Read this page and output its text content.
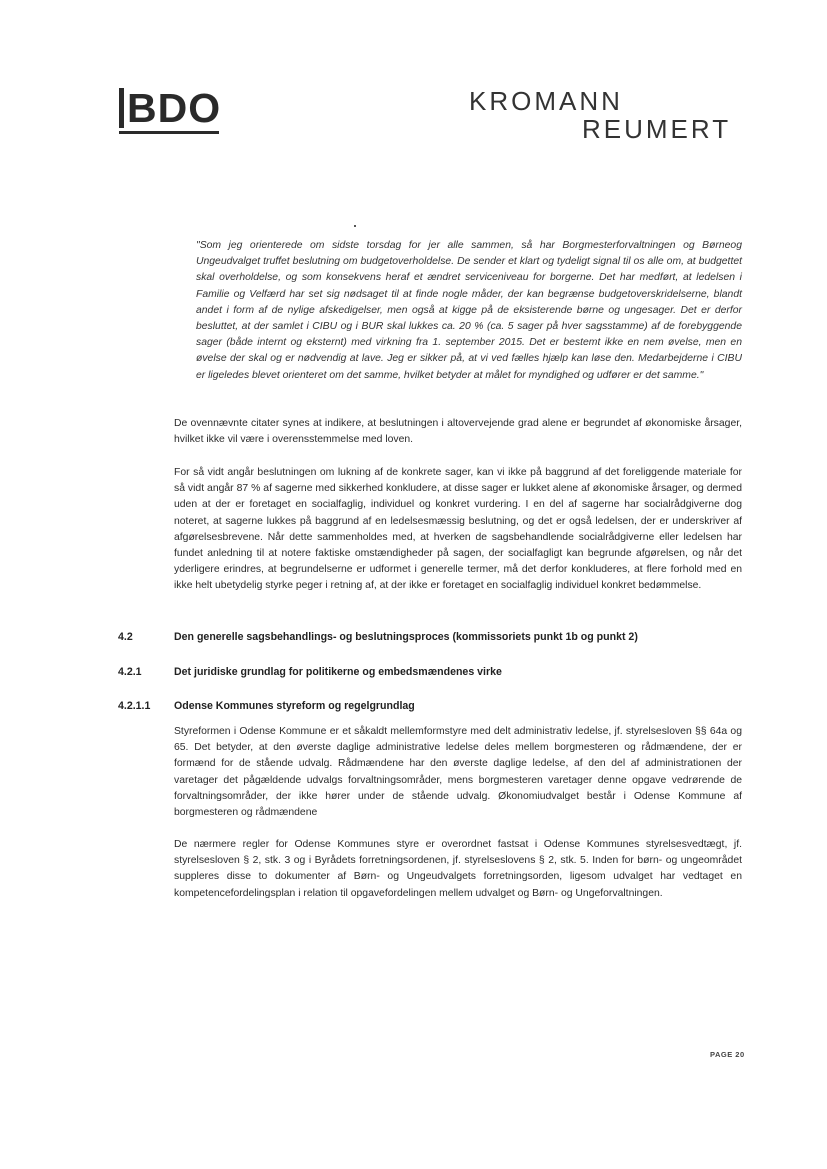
BDO	KROMANN
REUMERT

"Som jeg orienterede om sidste torsdag for jer alle sammen, så har Borgmesterforvaltningen og Børneog Ungeudvalget truffet beslutning om budgetoverholdelse. De sender et klart og tydeligt signal til os alle om, at budgettet skal overholdelse, og som konsekvens heraf et ændret serviceniveau for borgerne. Det har medført, at ledelsen i Familie og Velfærd har set sig nødsaget til at finde nogle måder, der kan begrænse budgetoverskridelserne, blandt andet i form af de nylige afskedigelser, men også at kigge på de eksisterende børne og ungesager. Det er derfor besluttet, at der samlet i CIBU og i BUR skal lukkes ca. 20 % (ca. 5 sager på hver sagsstamme) af de forebyggende sager (både internt og eksternt) med virkning fra 1. september 2015. Det er bestemt ikke en nem øvelse, men en øvelse der skal og er nødvendig at lave. Jeg er sikker på, at vi ved fælles hjælp kan løse den. Medarbejderne i CIBU er ligeledes blevet orienteret om det samme, hvilket betyder at målet for myndighed og udfører er det samme."

De ovennævnte citater synes at indikere, at beslutningen i altovervejende grad alene er begrundet af økonomiske årsager, hvilket ikke vil være i overensstemmelse med loven.

For så vidt angår beslutningen om lukning af de konkrete sager, kan vi ikke på baggrund af det foreliggende materiale for så vidt angår 87 % af sagerne med sikkerhed konkludere, at disse sager er lukket alene af økonomiske årsager, og dermed uden at der er foretaget en socialfaglig, individuel og konkret vurdering. I en del af sagerne har socialrådgiverne dog noteret, at sagerne lukkes på baggrund af en ledelsesmæssig beslutning, og det er også ledelsen, der er underskriver af afgørelsesbrevene. Når dette sammenholdes med, at hverken de sagsbehandlende socialrådgiverne eller ledelsen har fundet anledning til at notere faktiske omstændigheder på sagen, der socialfagligt kan begrunde afgørelsen, og når det yderligere erindres, at begrundelserne er udformet i generelle termer, må det derfor konkluderes, at flere forhold med en ikke helt ubetydelig styrke peger i retning af, at der ikke er foretaget en socialfaglig individuel konkret bedømmelse.

4.2	Den generelle sagsbehandlings- og beslutningsproces (kommissoriets punkt 1b og punkt 2)

4.2.1	Det juridiske grundlag for politikerne og embedsmændenes virke

4.2.1.1 Odense Kommunes styreform og regelgrundlag

Styreformen i Odense Kommune er et såkaldt mellemformstyre med delt administrativ ledelse, jf. styrelsesloven §§ 64a og 65. Det betyder, at den øverste daglige administrative ledelse deles mellem borgmesteren og rådmændene, der er formænd for de stående udvalg. Rådmændene har den øverste daglige ledelse, af den del af administrationen der varetager det pågældende udvalgs forvaltningsområder, mens borgmesteren varetager denne opgave vedrørende de forvaltningsområder, der ikke hører under de stående udvalg. Økonomiudvalget består i Odense Kommune af borgmesteren og rådmændene

De nærmere regler for Odense Kommunes styre er overordnet fastsat i Odense Kommunes styrelsesvedtægt, jf. styrelsesloven § 2, stk. 3 og i Byrådets forretningsordenen, jf. styrelseslovens § 2, stk. 5. Inden for børn- og ungeområdet suppleres disse to dokumenter af Børn- og Ungeudvalgets forretningsorden, ligesom udvalget har vedtaget en kompetencefordelingsplan i relation til opgavefordelingen mellem udvalget og Børn- og Ungeforvaltningen.

PAGE 20
